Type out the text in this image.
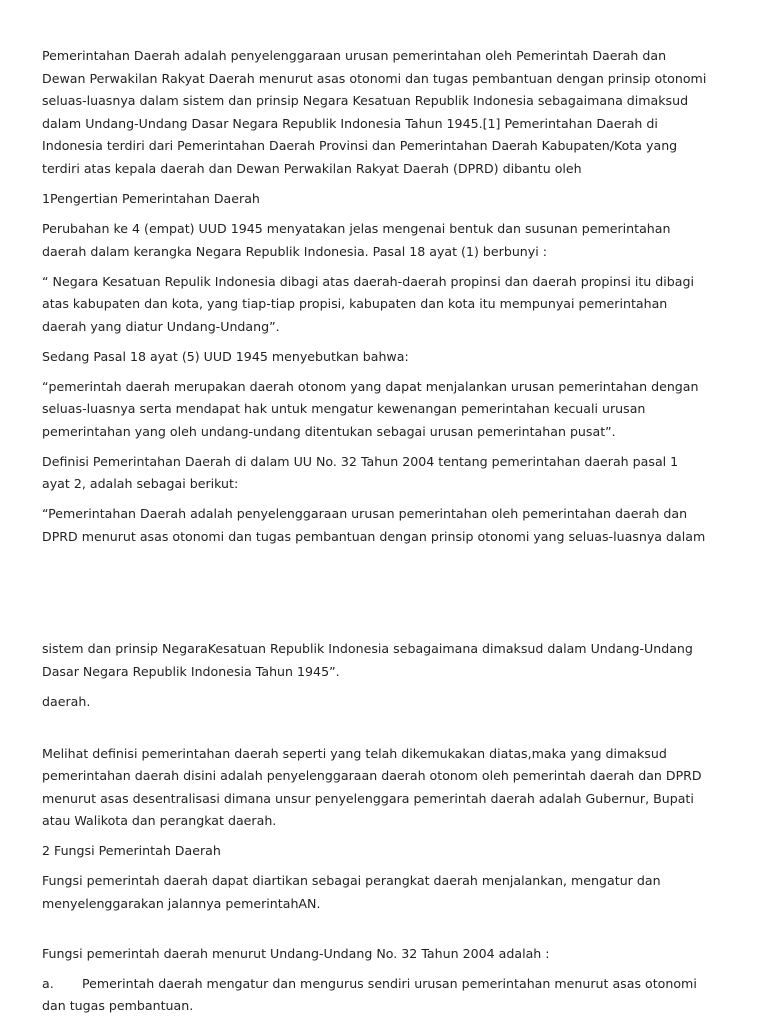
Pemerintahan Daerah adalah penyelenggaraan urusan pemerintahan oleh Pemerintah Daerah dan
Dewan Perwakilan Rakyat Daerah menurut asas otonomi dan tugas pembantuan dengan prinsip otonomi
seluas-luasnya dalam sistem dan prinsip Negara Kesatuan Republik Indonesia sebagaimana dimaksud
dalam Undang-Undang Dasar Negara Republik Indonesia Tahun 1945.[1] Pemerintahan Daerah di
Indonesia terdiri dari Pemerintahan Daerah Provinsi dan Pemerintahan Daerah Kabupaten/Kota yang
terdiri atas kepala daerah dan Dewan Perwakilan Rakyat Daerah (DPRD) dibantu oleh
1Pengertian Pemerintahan Daerah
Perubahan ke 4 (empat) UUD 1945 menyatakan jelas mengenai bentuk dan susunan pemerintahan
daerah dalam kerangka Negara Republik Indonesia. Pasal 18 ayat (1) berbunyi :
“ Negara Kesatuan Repulik Indonesia dibagi atas daerah-daerah propinsi dan daerah propinsi itu dibagi
atas kabupaten dan kota, yang tiap-tiap propisi, kabupaten dan kota itu mempunyai pemerintahan
daerah yang diatur Undang-Undang”.
Sedang Pasal 18 ayat (5) UUD 1945 menyebutkan bahwa:
“pemerintah daerah merupakan daerah otonom yang dapat menjalankan urusan pemerintahan dengan
seluas-luasnya serta mendapat hak untuk mengatur kewenangan pemerintahan kecuali urusan
pemerintahan yang oleh undang-undang ditentukan sebagai urusan pemerintahan pusat”.
Definisi Pemerintahan Daerah di dalam UU No. 32 Tahun 2004 tentang pemerintahan daerah pasal 1
ayat 2, adalah sebagai berikut:
“Pemerintahan Daerah adalah penyelenggaraan urusan pemerintahan oleh pemerintahan daerah dan
DPRD menurut asas otonomi dan tugas pembantuan dengan prinsip otonomi yang seluas-luasnya dalam
sistem dan prinsip NegaraKesatuan Republik Indonesia sebagaimana dimaksud dalam Undang-Undang
Dasar Negara Republik Indonesia Tahun 1945”.
daerah.
Melihat definisi pemerintahan daerah seperti yang telah dikemukakan diatas,maka yang dimaksud
pemerintahan daerah disini adalah penyelenggaraan daerah otonom oleh pemerintah daerah dan DPRD
menurut asas desentralisasi dimana unsur penyelenggara pemerintah daerah adalah Gubernur, Bupati
atau Walikota dan perangkat daerah.
2 Fungsi Pemerintah Daerah
Fungsi pemerintah daerah dapat diartikan sebagai perangkat daerah menjalankan, mengatur dan
menyelenggarakan jalannya pemerintahAN.
Fungsi pemerintah daerah menurut Undang-Undang No. 32 Tahun 2004 adalah :
a.	Pemerintah daerah mengatur dan mengurus sendiri urusan pemerintahan menurut asas otonomi
dan tugas pembantuan.
